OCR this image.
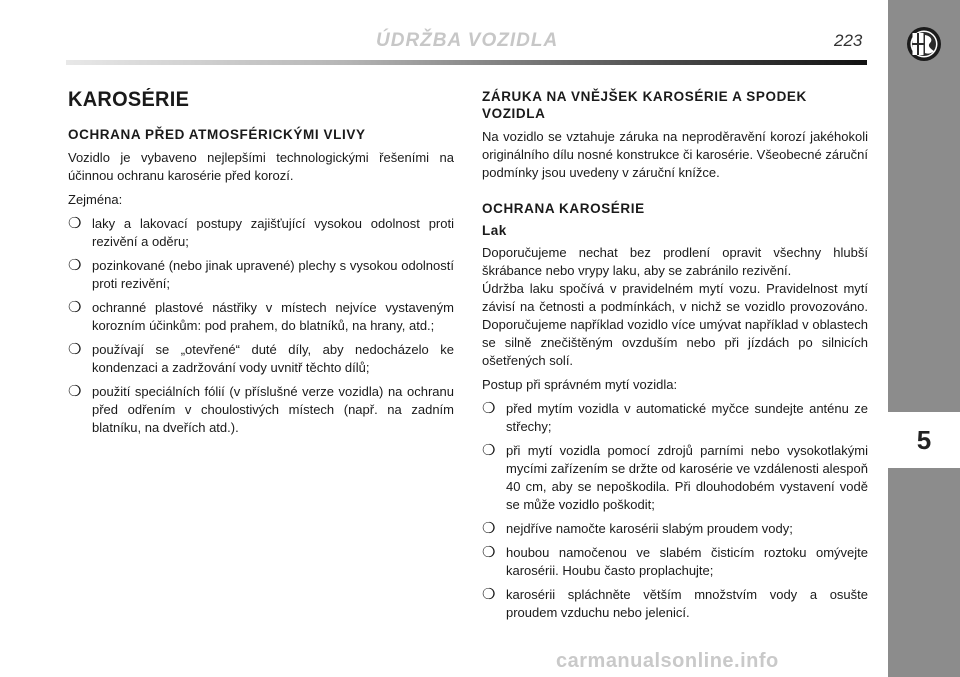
ÚDRŽBA VOZIDLA	223
5
KAROSÉRIE
OCHRANA PŘED ATMOSFÉRICKÝMI VLIVY

Vozidlo je vybaveno nejlepšími technologickými řešeními na účinnou ochranu karosérie před korozí.

Zejména:

❍ laky a lakovací postupy zajišťující vysokou odolnost proti rezivění a oděru;
❍ pozinkované (nebo jinak upravené) plechy s vysokou odolností proti rezivění;
❍ ochranné plastové nástřiky v místech nejvíce vystaveným korozním účinkům: pod prahem, do blatníků, na hrany, atd.;
❍ používají se „otevřené“ duté díly, aby nedocházelo ke kondenzaci a zadržování vody uvnitř těchto dílů;
❍ použití speciálních fólií (v příslušné verze vozidla) na ochranu před odřením v choulostivých místech (např. na zadním blatníku, na dveřích atd.).
ZÁRUKA NA VNĚJŠEK KAROSÉRIE A SPODEK VOZIDLA

Na vozidlo se vztahuje záruka na neproděravění korozí jakéhokoli originálního dílu nosné konstrukce či karosérie. Všeobecné záruční podmínky jsou uvedeny v záruční knížce.

OCHRANA KAROSÉRIE
Lak

Doporučujeme nechat bez prodlení opravit všechny hlubší škrábance nebo vrypy laku, aby se zabránilo rezivění.

Údržba laku spočívá v pravidelném mytí vozu. Pravidelnost mytí závisí na četnosti a podmínkách, v nichž se vozidlo provozováno. Doporučujeme například vozidlo více umývat například v oblastech se silně znečištěným ovzduším nebo při jízdách po silnicích ošetřených solí.

Postup při správném mytí vozidla:

❍ před mytím vozidla v automatické myčce sundejte anténu ze střechy;
❍ při mytí vozidla pomocí zdrojů parními nebo vysokotlakými mycími zařízením se držte od karosérie ve vzdálenosti alespoň 40 cm, aby se nepoškodila. Při dlouhodobém vystavení vodě se může vozidlo poškodit;
❍ nejdříve namočte karosérii slabým proudem vody;
❍ houbou namočenou ve slabém čisticím roztoku omývejte karosérii. Houbu často proplachujte;
❍ karosérii spláchněte větším množstvím vody a osušte proudem vzduchu nebo jelenicí.
carmanualsonline.info
